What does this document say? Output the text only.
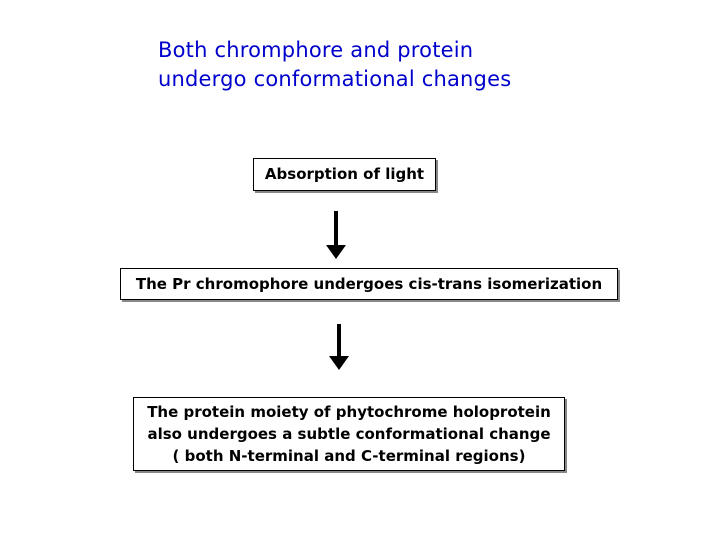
Both chromphore and protein
undergo conformational changes
Absorption of light
The Pr chromophore undergoes cis-trans isomerization
The protein moiety of phytochrome holoprotein
also undergoes a subtle conformational change
( both N-terminal and C-terminal regions)
